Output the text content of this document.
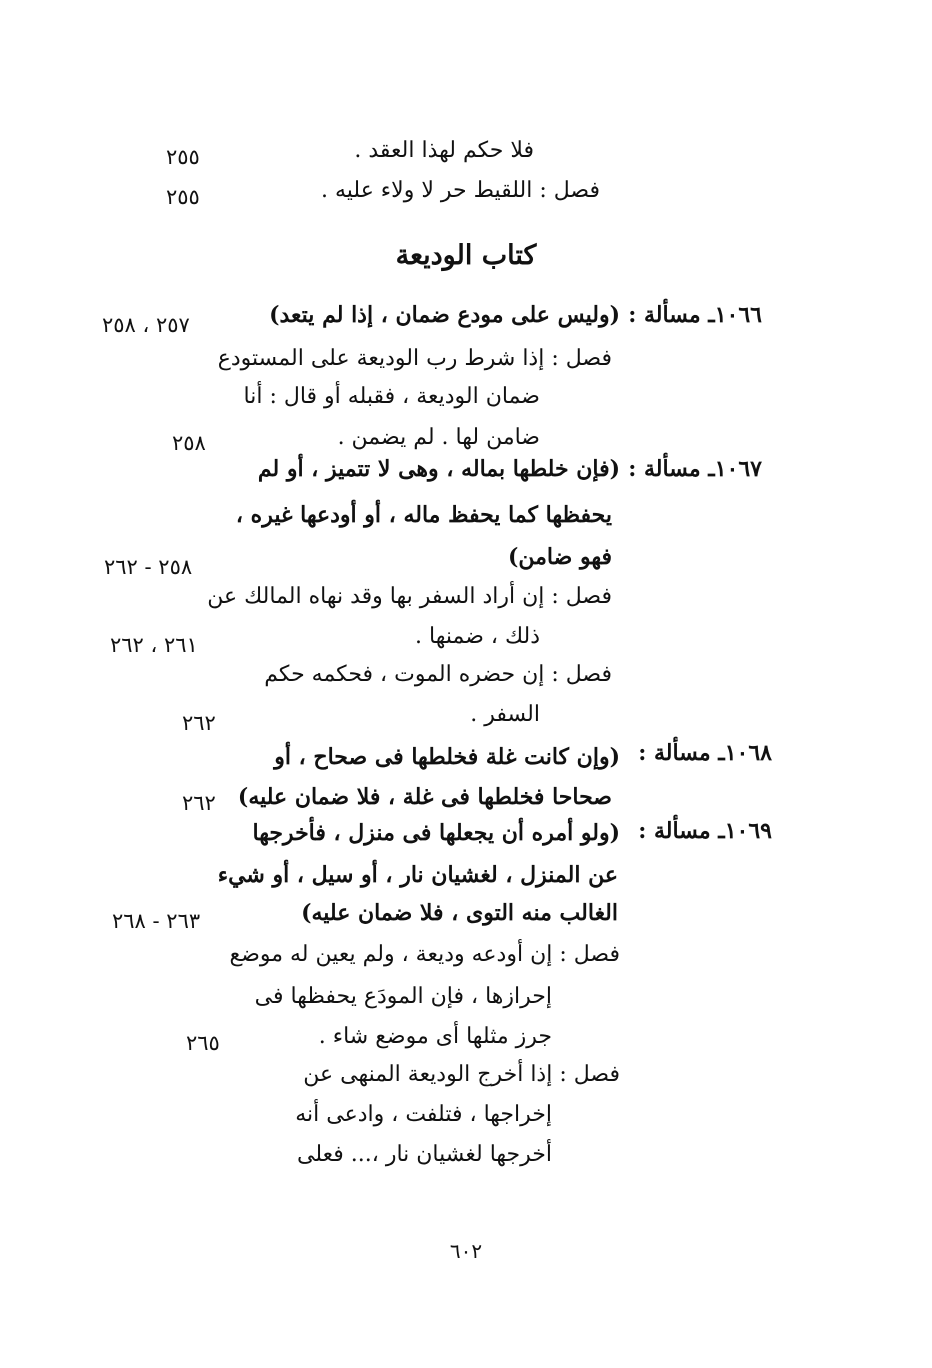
فلا حكم لهذا العقد .
٢٥٥
فصل : اللقيط حر لا ولاء عليه .
٢٥٥
كتاب الوديعة
١٠٦٦ـ مسألة :
(وليس على مودع ضمان ، إذا لم يتعد)
٢٥٧ ، ٢٥٨
فصل : إذا شرط رب الوديعة على المستودع
ضمان الوديعة ، فقبله أو قال : أنا
ضامن لها . لم يضمن .
٢٥٨
١٠٦٧ـ مسألة :
(فإن خلطها بماله ، وهى لا تتميز ، أو لم
يحفظها كما يحفظ ماله ، أو أودعها غيره ،
فهو ضامن)
٢٥٨ - ٢٦٢
فصل : إن أراد السفر بها وقد نهاه المالك عن
ذلك ، ضمنها .
٢٦١ ، ٢٦٢
فصل : إن حضره الموت ، فحكمه حكم
السفر .
٢٦٢
١٠٦٨ـ مسألة :
(وإن كانت غلة فخلطها فى صحاح ، أو
صحاحا فخلطها فى غلة ، فلا ضمان عليه)
٢٦٢
١٠٦٩ـ مسألة :
(ولو أمره أن يجعلها فى منزل ، فأخرجها
عن المنزل ، لغشيان نار ، أو سيل ، أو شيء
الغالب منه التوى ، فلا ضمان عليه)
٢٦٣ - ٢٦٨
فصل : إن أودعه وديعة ، ولم يعين له موضع
إحرازها ، فإن المودَع يحفظها فى
جرز مثلها أى موضع شاء .
٢٦٥
فصل : إذا أخرج الوديعة المنهى عن
إخراجها ، فتلفت ، وادعى أنه
أخرجها لغشيان نار ،... فعلى
٦٠٢
